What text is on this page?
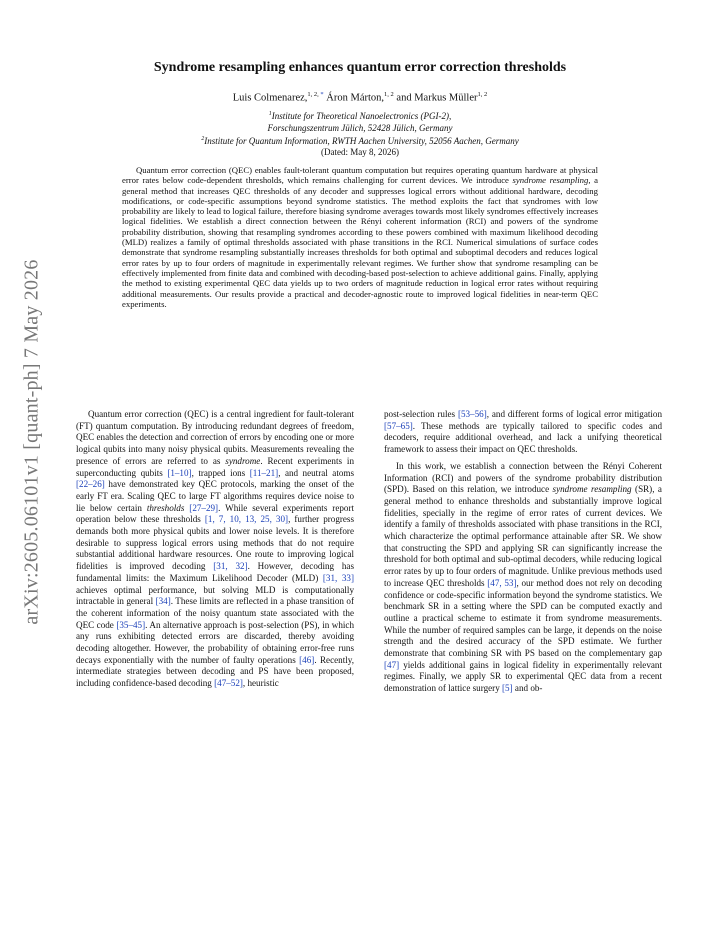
arXiv:2605.06101v1 [quant-ph] 7 May 2026
Syndrome resampling enhances quantum error correction thresholds
Luis Colmenarez,$^{1, 2,}$ * Áron Márton,$^{1, 2}$ and Markus Müller$^{1, 2}$
$^1$Institute for Theoretical Nanoelectronics (PGI-2),
Forschungszentrum Jülich, 52428 Jülich, Germany
$^2$Institute for Quantum Information, RWTH Aachen University, 52056 Aachen, Germany
(Dated: May 8, 2026)

Quantum error correction (QEC) enables fault-tolerant quantum computation but requires operating quantum hardware at physical error rates below code-dependent thresholds, which remains challenging for current devices. We introduce syndrome resampling, a general method that increases QEC thresholds of any decoder and suppresses logical errors without additional hardware, decoding modifications, or code-specific assumptions beyond syndrome statistics. The method exploits the fact that syndromes with low probability are likely to lead to logical failure, therefore biasing syndrome averages towards most likely syndromes effectively increases logical fidelities. We establish a direct connection between the Rényi coherent information (RCI) and powers of the syndrome probability distribution, showing that resampling syndromes according to these powers combined with maximum likelihood decoding (MLD) realizes a family of optimal thresholds associated with phase transitions in the RCI. Numerical simulations of surface codes demonstrate that syndrome resampling substantially increases thresholds for both optimal and suboptimal decoders and reduces logical error rates by up to four orders of magnitude in experimentally relevant regimes. We further show that syndrome resampling can be effectively implemented from finite data and combined with decoding-based post-selection to achieve additional gains. Finally, applying the method to existing experimental QEC data yields up to two orders of magnitude reduction in logical error rates without requiring additional measurements. Our results provide a practical and decoder-agnostic route to improved logical fidelities in near-term QEC experiments.

Quantum error correction (QEC) is a central ingredient for fault-tolerant (FT) quantum computation. By introducing redundant degrees of freedom, QEC enables the detection and correction of errors by encoding one or more logical qubits into many noisy physical qubits. Measurements revealing the presence of errors are referred to as syndrome. Recent experiments in superconducting qubits [1–10], trapped ions [11–21], and neutral atoms [22–26] have demonstrated key QEC protocols, marking the onset of the early FT era. Scaling QEC to large FT algorithms requires device noise to lie below certain thresholds [27–29]. While several experiments report operation below these thresholds [1, 7, 10, 13, 25, 30], further progress demands both more physical qubits and lower noise levels. It is therefore desirable to suppress logical errors using methods that do not require substantial additional hardware resources. One route to improving logical fidelities is improved decoding [31, 32]. However, decoding has fundamental limits: the Maximum Likelihood Decoder (MLD) [31, 33] achieves optimal performance, but solving MLD is computationally intractable in general [34]. These limits are reflected in a phase transition of the coherent information of the noisy quantum state associated with the QEC code [35–45]. An alternative approach is post-selection (PS), in which any runs exhibiting detected errors are discarded, thereby avoiding decoding altogether. However, the probability of obtaining error-free runs decays exponentially with the number of faulty operations [46]. Recently, intermediate strategies between decoding and PS have been proposed, including confidence-based decoding [47–52], heuristic

post-selection rules [53–56], and different forms of logical error mitigation [57–65]. These methods are typically tailored to specific codes and decoders, require additional overhead, and lack a unifying theoretical framework to assess their impact on QEC thresholds.

In this work, we establish a connection between the Rényi Coherent Information (RCI) and powers of the syndrome probability distribution (SPD). Based on this relation, we introduce syndrome resampling (SR), a general method to enhance thresholds and substantially improve logical fidelities, specially in the regime of error rates of current devices. We identify a family of thresholds associated with phase transitions in the RCI, which characterize the optimal performance attainable after SR. We show that constructing the SPD and applying SR can significantly increase the threshold for both optimal and sub-optimal decoders, while reducing logical error rates by up to four orders of magnitude. Unlike previous methods used to increase QEC thresholds [47, 53], our method does not rely on decoding confidence or code-specific information beyond the syndrome statistics. We benchmark SR in a setting where the SPD can be computed exactly and outline a practical scheme to estimate it from syndrome measurements. While the number of required samples can be large, it depends on the noise strength and the desired accuracy of the SPD estimate. We further demonstrate that combining SR with PS based on the complementary gap [47] yields additional gains in logical fidelity in experimentally relevant regimes. Finally, we apply SR to experimental QEC data from a recent demonstration of lattice surgery [5] and ob-
